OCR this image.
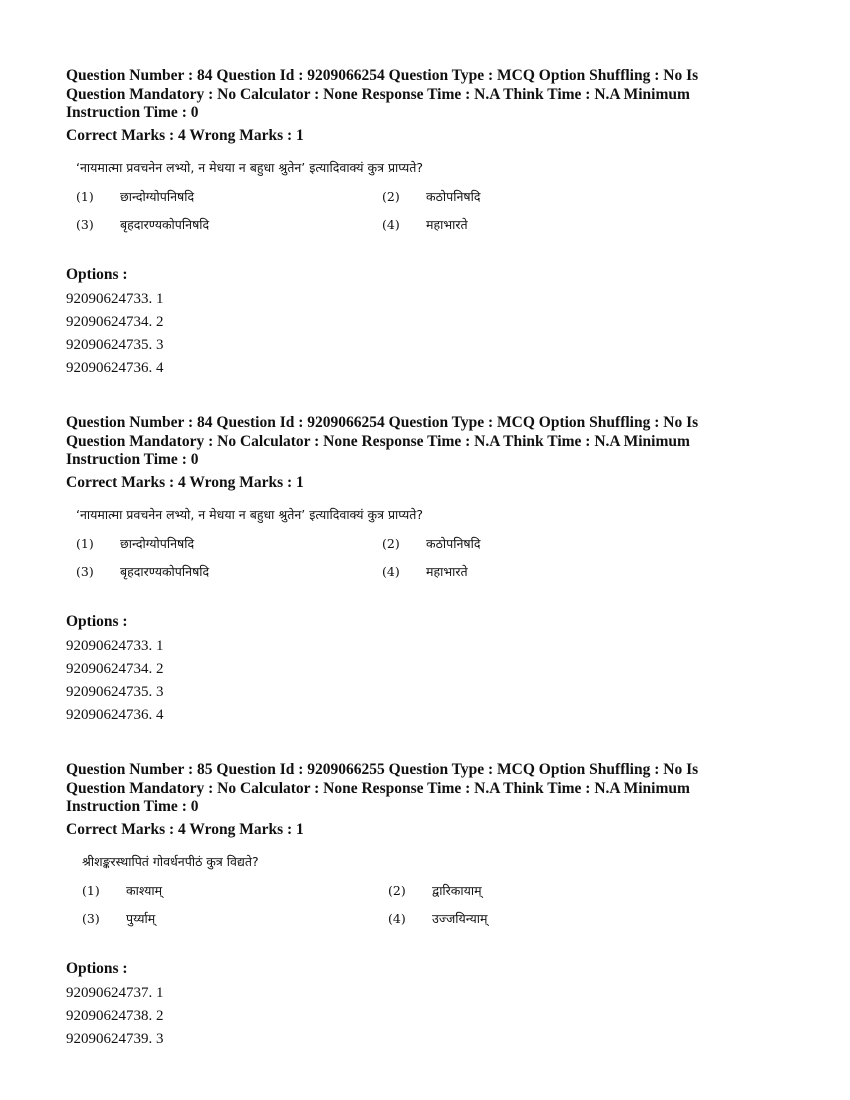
Question Number : 84 Question Id : 9209066254 Question Type : MCQ Option Shuffling : No Is
Question Mandatory : No Calculator : None Response Time : N.A Think Time : N.A Minimum
Instruction Time : 0
Correct Marks : 4 Wrong Marks : 1
‘नायमात्मा प्रवचनेन लभ्यो, न मेधया न बहुधा श्रुतेन’ इत्यादिवाक्यं कुत्र प्राप्यते?
(1) छान्दोग्योपनिषदि	(2) कठोपनिषदि
(3) बृहदारण्यकोपनिषदि	(4) महाभारते
Options :
92090624733. 1
92090624734. 2
92090624735. 3
92090624736. 4
Question Number : 84 Question Id : 9209066254 Question Type : MCQ Option Shuffling : No Is
Question Mandatory : No Calculator : None Response Time : N.A Think Time : N.A Minimum
Instruction Time : 0
Correct Marks : 4 Wrong Marks : 1
‘नायमात्मा प्रवचनेन लभ्यो, न मेधया न बहुधा श्रुतेन’ इत्यादिवाक्यं कुत्र प्राप्यते?
(1) छान्दोग्योपनिषदि	(2) कठोपनिषदि
(3) बृहदारण्यकोपनिषदि	(4) महाभारते
Options :
92090624733. 1
92090624734. 2
92090624735. 3
92090624736. 4
Question Number : 85 Question Id : 9209066255 Question Type : MCQ Option Shuffling : No Is
Question Mandatory : No Calculator : None Response Time : N.A Think Time : N.A Minimum
Instruction Time : 0
Correct Marks : 4 Wrong Marks : 1
श्रीशङ्करस्थापितं गोवर्धनपीठं कुत्र विद्यते?
(1) काश्याम्	(2) द्वारिकायाम्
(3) पुर्य्याम्	(4) उज्जयिन्याम्
Options :
92090624737. 1
92090624738. 2
92090624739. 3
